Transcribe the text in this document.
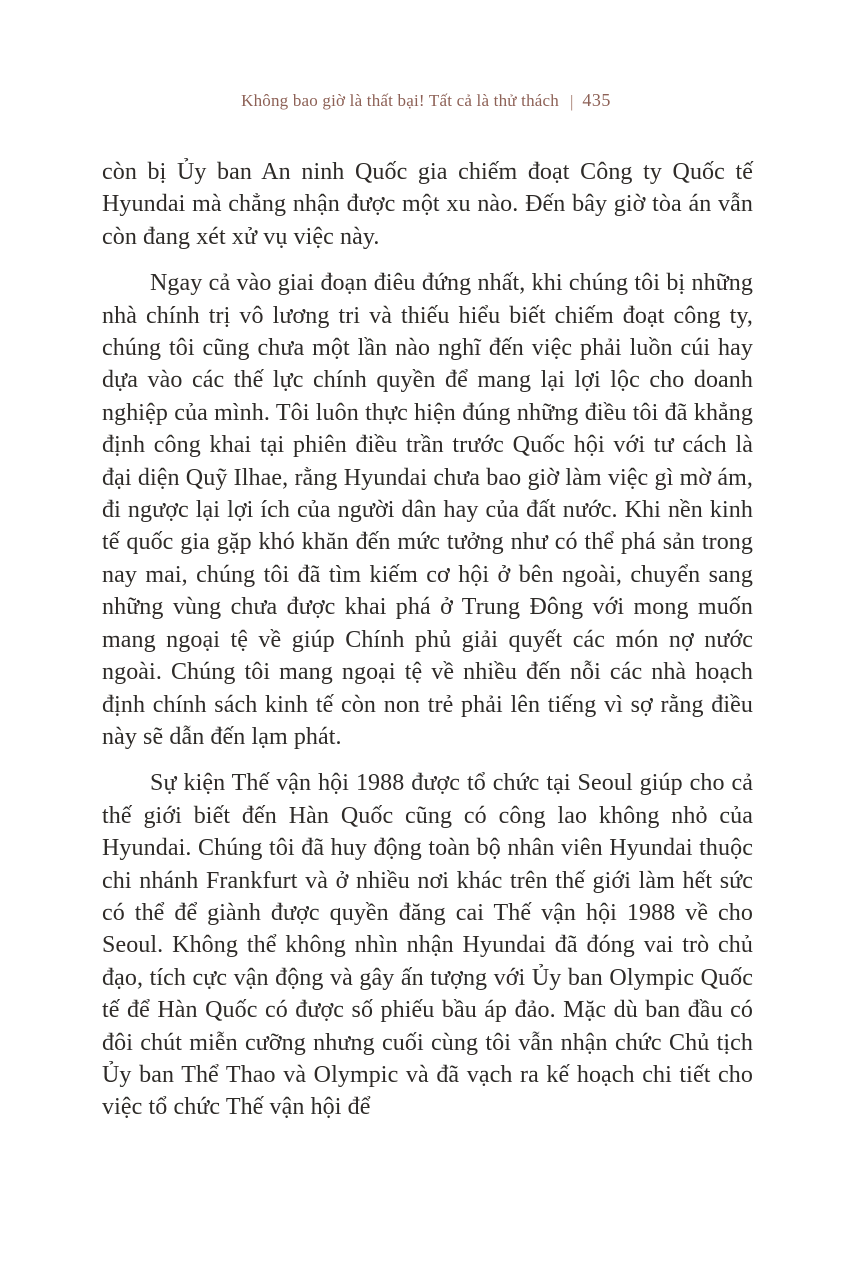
Không bao giờ là thất bại! Tất cả là thử thách | 435

còn bị Ủy ban An ninh Quốc gia chiếm đoạt Công ty Quốc tế Hyundai mà chẳng nhận được một xu nào. Đến bây giờ tòa án vẫn còn đang xét xử vụ việc này.

Ngay cả vào giai đoạn điêu đứng nhất, khi chúng tôi bị những nhà chính trị vô lương tri và thiếu hiểu biết chiếm đoạt công ty, chúng tôi cũng chưa một lần nào nghĩ đến việc phải luồn cúi hay dựa vào các thế lực chính quyền để mang lại lợi lộc cho doanh nghiệp của mình. Tôi luôn thực hiện đúng những điều tôi đã khẳng định công khai tại phiên điều trần trước Quốc hội với tư cách là đại diện Quỹ Ilhae, rằng Hyundai chưa bao giờ làm việc gì mờ ám, đi ngược lại lợi ích của người dân hay của đất nước. Khi nền kinh tế quốc gia gặp khó khăn đến mức tưởng như có thể phá sản trong nay mai, chúng tôi đã tìm kiếm cơ hội ở bên ngoài, chuyển sang những vùng chưa được khai phá ở Trung Đông với mong muốn mang ngoại tệ về giúp Chính phủ giải quyết các món nợ nước ngoài. Chúng tôi mang ngoại tệ về nhiều đến nỗi các nhà hoạch định chính sách kinh tế còn non trẻ phải lên tiếng vì sợ rằng điều này sẽ dẫn đến lạm phát.

Sự kiện Thế vận hội 1988 được tổ chức tại Seoul giúp cho cả thế giới biết đến Hàn Quốc cũng có công lao không nhỏ của Hyundai. Chúng tôi đã huy động toàn bộ nhân viên Hyundai thuộc chi nhánh Frankfurt và ở nhiều nơi khác trên thế giới làm hết sức có thể để giành được quyền đăng cai Thế vận hội 1988 về cho Seoul. Không thể không nhìn nhận Hyundai đã đóng vai trò chủ đạo, tích cực vận động và gây ấn tượng với Ủy ban Olympic Quốc tế để Hàn Quốc có được số phiếu bầu áp đảo. Mặc dù ban đầu có đôi chút miễn cưỡng nhưng cuối cùng tôi vẫn nhận chức Chủ tịch Ủy ban Thể Thao và Olympic và đã vạch ra kế hoạch chi tiết cho việc tổ chức Thế vận hội để
